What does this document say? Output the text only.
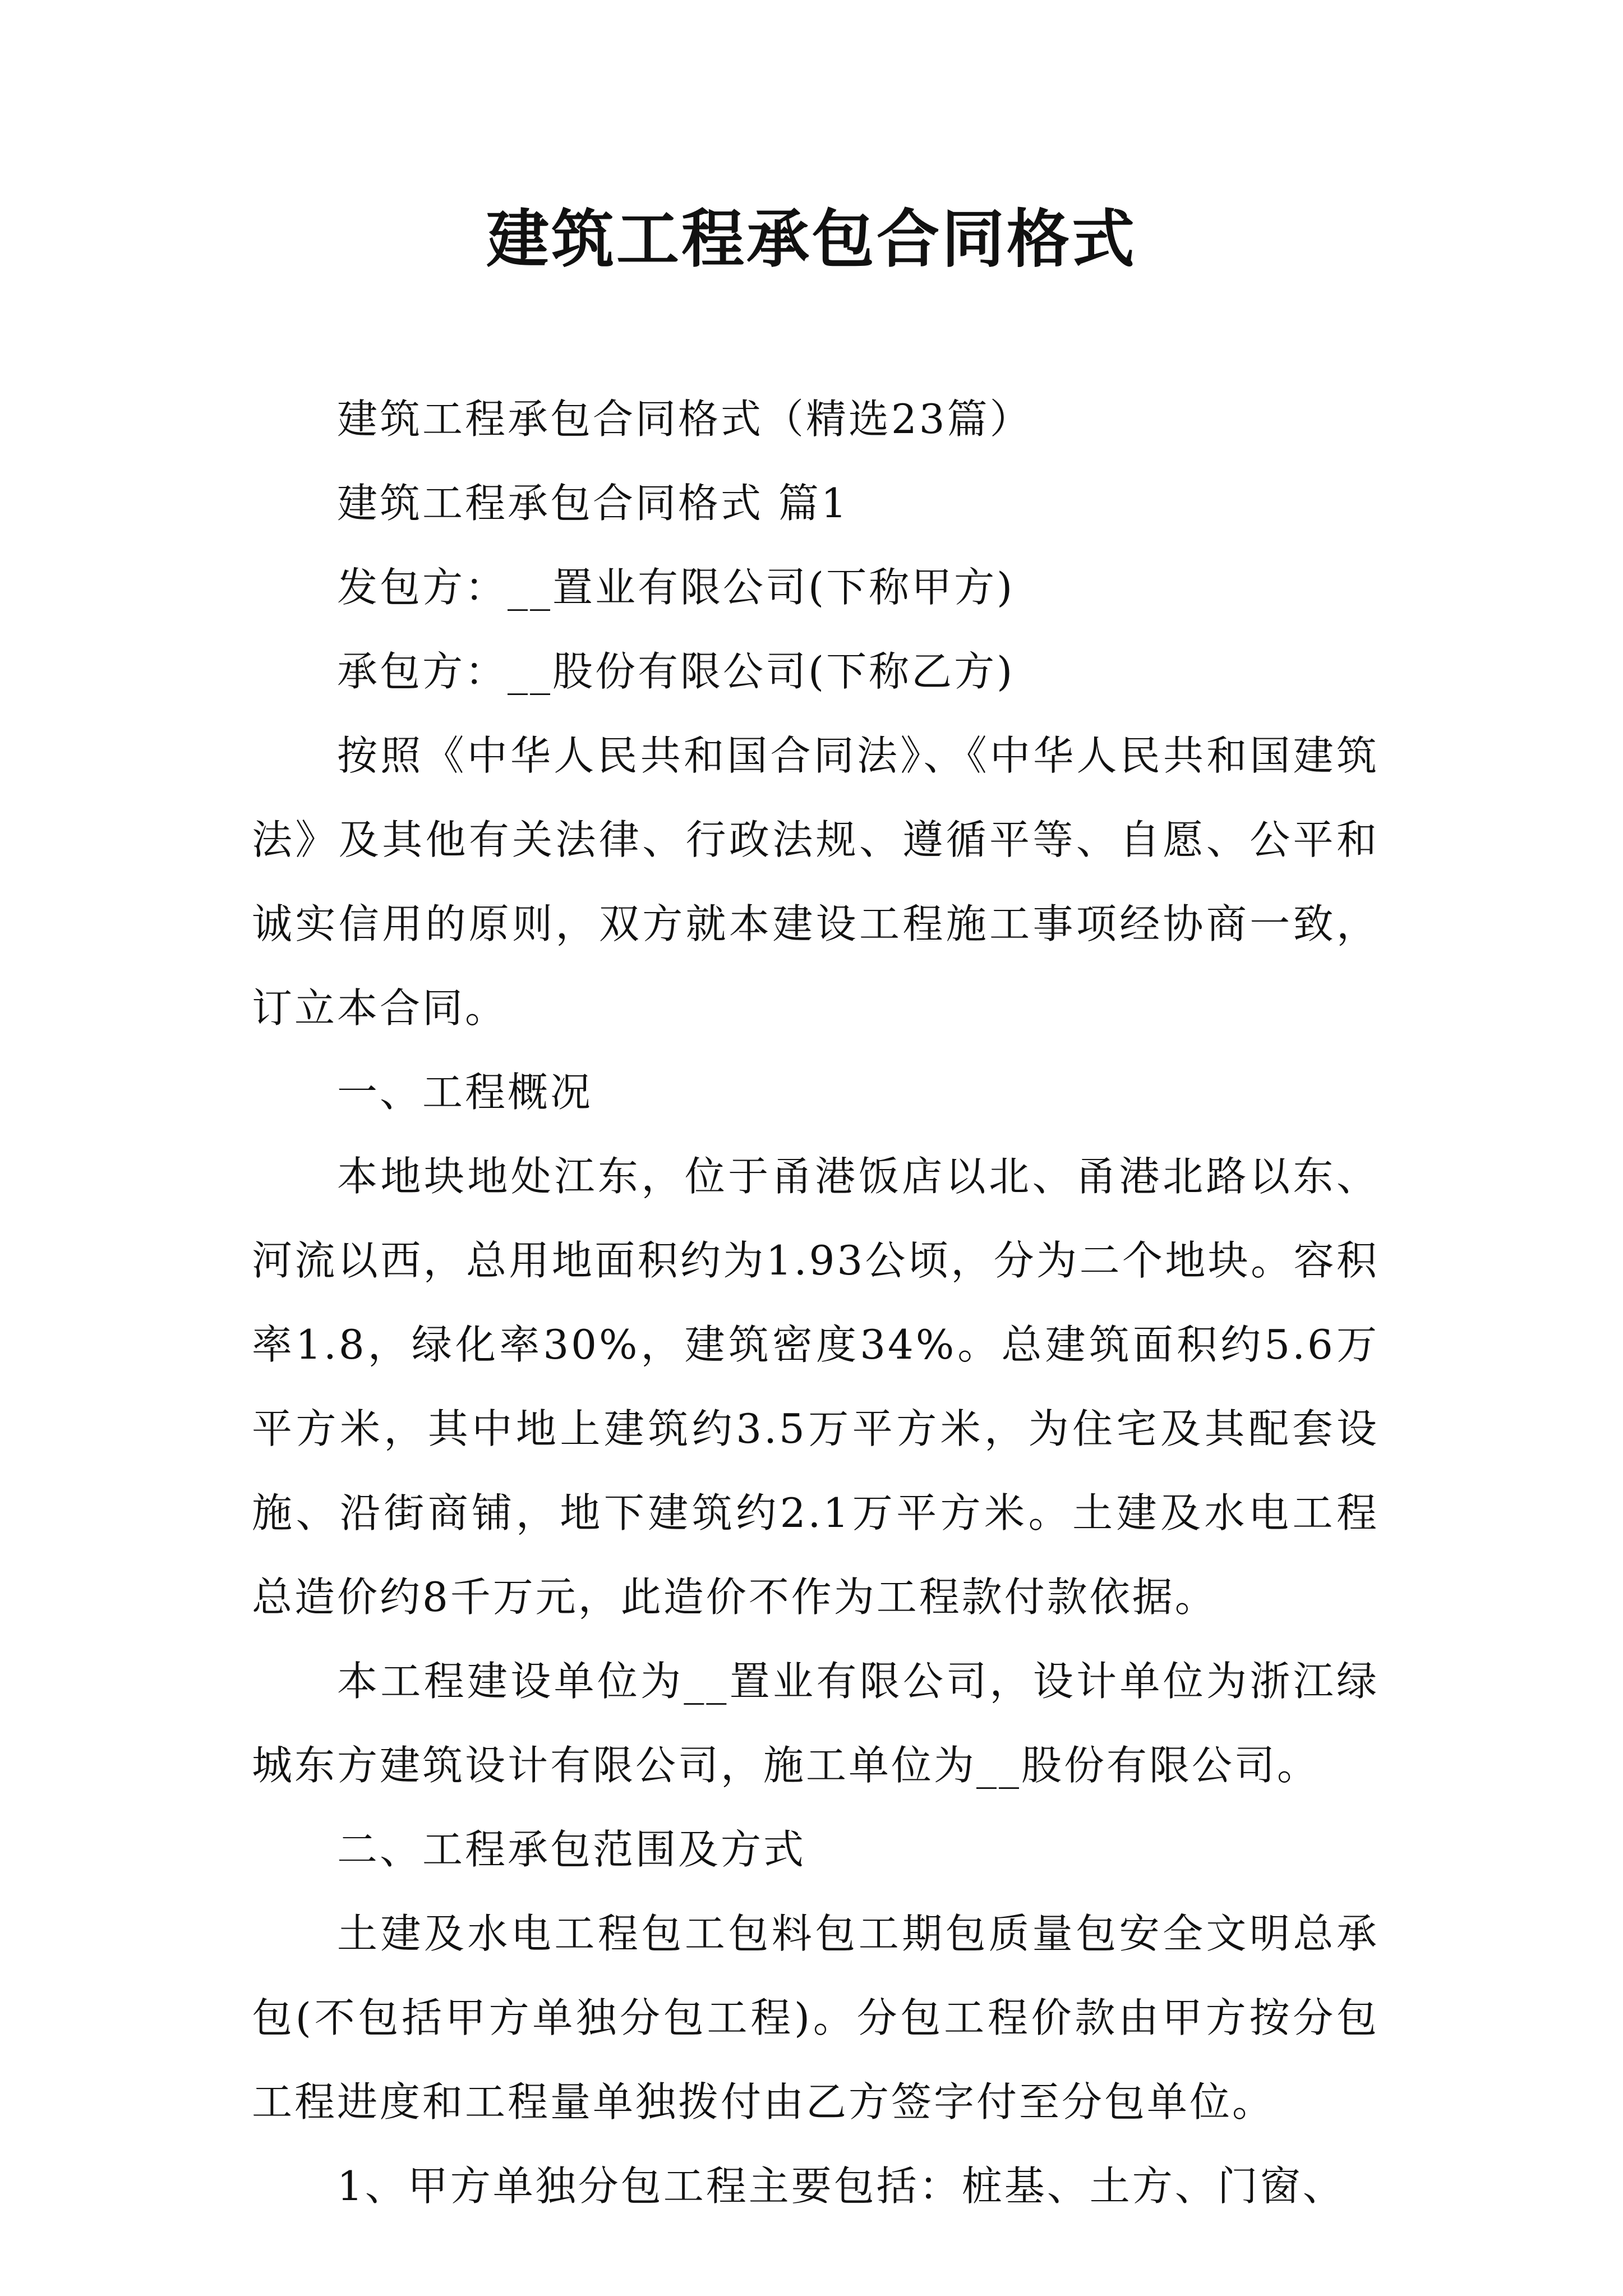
建筑工程承包合同格式

建筑工程承包合同格式（精选23篇）

建筑工程承包合同格式 篇1

发包方：__置业有限公司(下称甲方)

承包方：__股份有限公司(下称乙方)

按照《中华人民共和国合同法》、《中华人民共和国建筑法》及其他有关法律、行政法规、遵循平等、自愿、公平和诚实信用的原则，双方就本建设工程施工事项经协商一致，订立本合同。

一、工程概况

本地块地处江东，位于甬港饭店以北、甬港北路以东、河流以西，总用地面积约为1.93公顷，分为二个地块。容积率1.8，绿化率30%，建筑密度34%。总建筑面积约5.6万平方米，其中地上建筑约3.5万平方米，为住宅及其配套设施、沿街商铺，地下建筑约2.1万平方米。土建及水电工程总造价约8千万元，此造价不作为工程款付款依据。

本工程建设单位为__置业有限公司，设计单位为浙江绿城东方建筑设计有限公司，施工单位为__股份有限公司。

二、工程承包范围及方式

土建及水电工程包工包料包工期包质量包安全文明总承包(不包括甲方单独分包工程)。分包工程价款由甲方按分包工程进度和工程量单独拨付由乙方签字付至分包单位。

1、甲方单独分包工程主要包括：桩基、土方、门窗、
